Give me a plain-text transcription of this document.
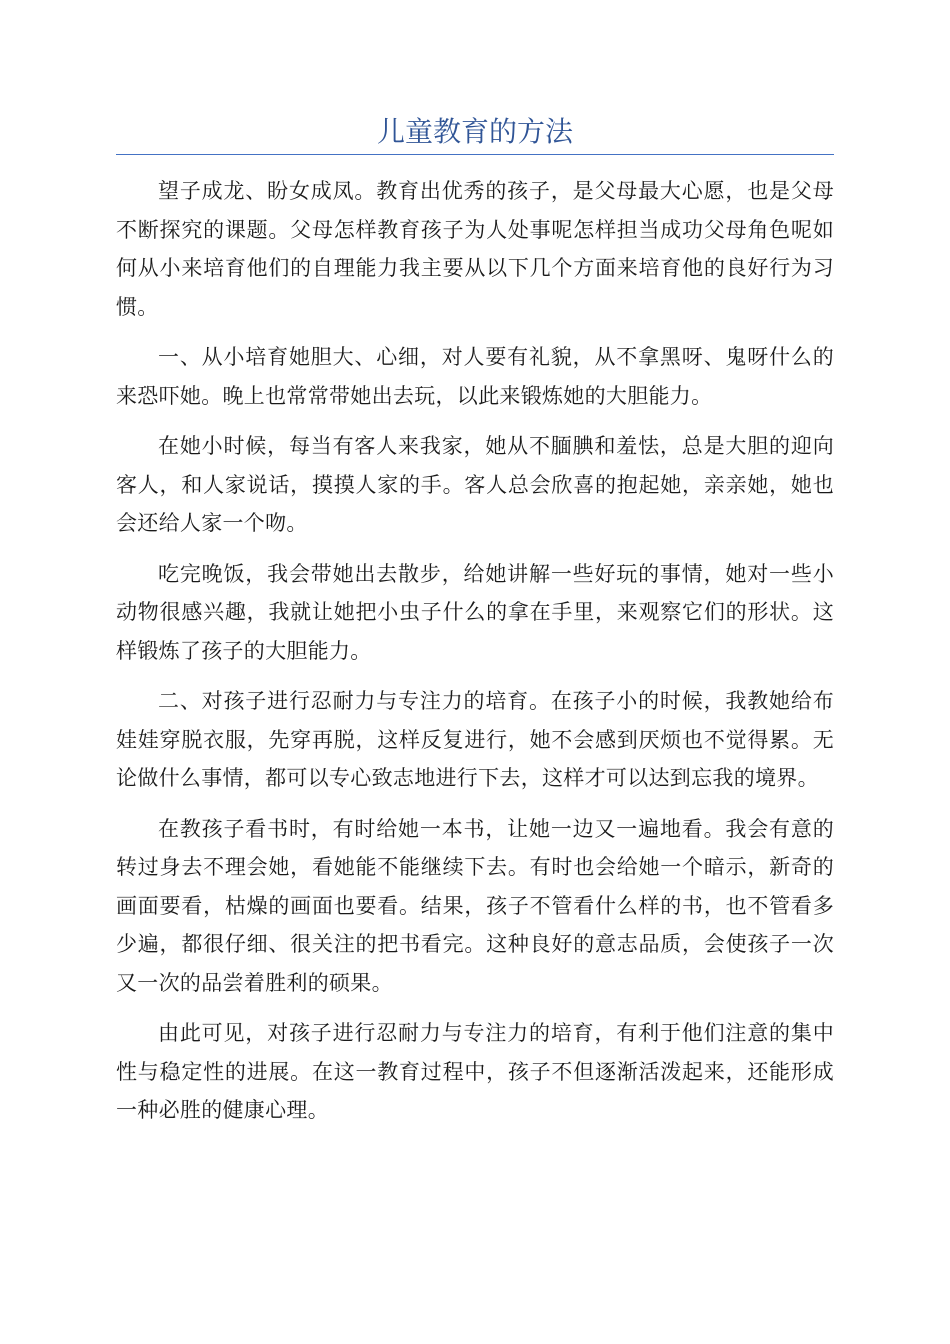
儿童教育的方法

望子成龙、盼女成凤。教育出优秀的孩子，是父母最大心愿，也是父母不断探究的课题。父母怎样教育孩子为人处事呢怎样担当成功父母角色呢如何从小来培育他们的自理能力我主要从以下几个方面来培育他的良好行为习惯。

一、从小培育她胆大、心细，对人要有礼貌，从不拿黑呀、鬼呀什么的来恐吓她。晚上也常常带她出去玩，以此来锻炼她的大胆能力。

在她小时候，每当有客人来我家，她从不腼腆和羞怯，总是大胆的迎向客人，和人家说话，摸摸人家的手。客人总会欣喜的抱起她，亲亲她，她也会还给人家一个吻。

吃完晚饭，我会带她出去散步，给她讲解一些好玩的事情，她对一些小动物很感兴趣，我就让她把小虫子什么的拿在手里，来观察它们的形状。这样锻炼了孩子的大胆能力。

二、对孩子进行忍耐力与专注力的培育。在孩子小的时候，我教她给布娃娃穿脱衣服，先穿再脱，这样反复进行，她不会感到厌烦也不觉得累。无论做什么事情，都可以专心致志地进行下去，这样才可以达到忘我的境界。

在教孩子看书时，有时给她一本书，让她一边又一遍地看。我会有意的转过身去不理会她，看她能不能继续下去。有时也会给她一个暗示，新奇的画面要看，枯燥的画面也要看。结果，孩子不管看什么样的书，也不管看多少遍，都很仔细、很关注的把书看完。这种良好的意志品质，会使孩子一次又一次的品尝着胜利的硕果。

由此可见，对孩子进行忍耐力与专注力的培育，有利于他们注意的集中性与稳定性的进展。在这一教育过程中，孩子不但逐渐活泼起来，还能形成一种必胜的健康心理。
